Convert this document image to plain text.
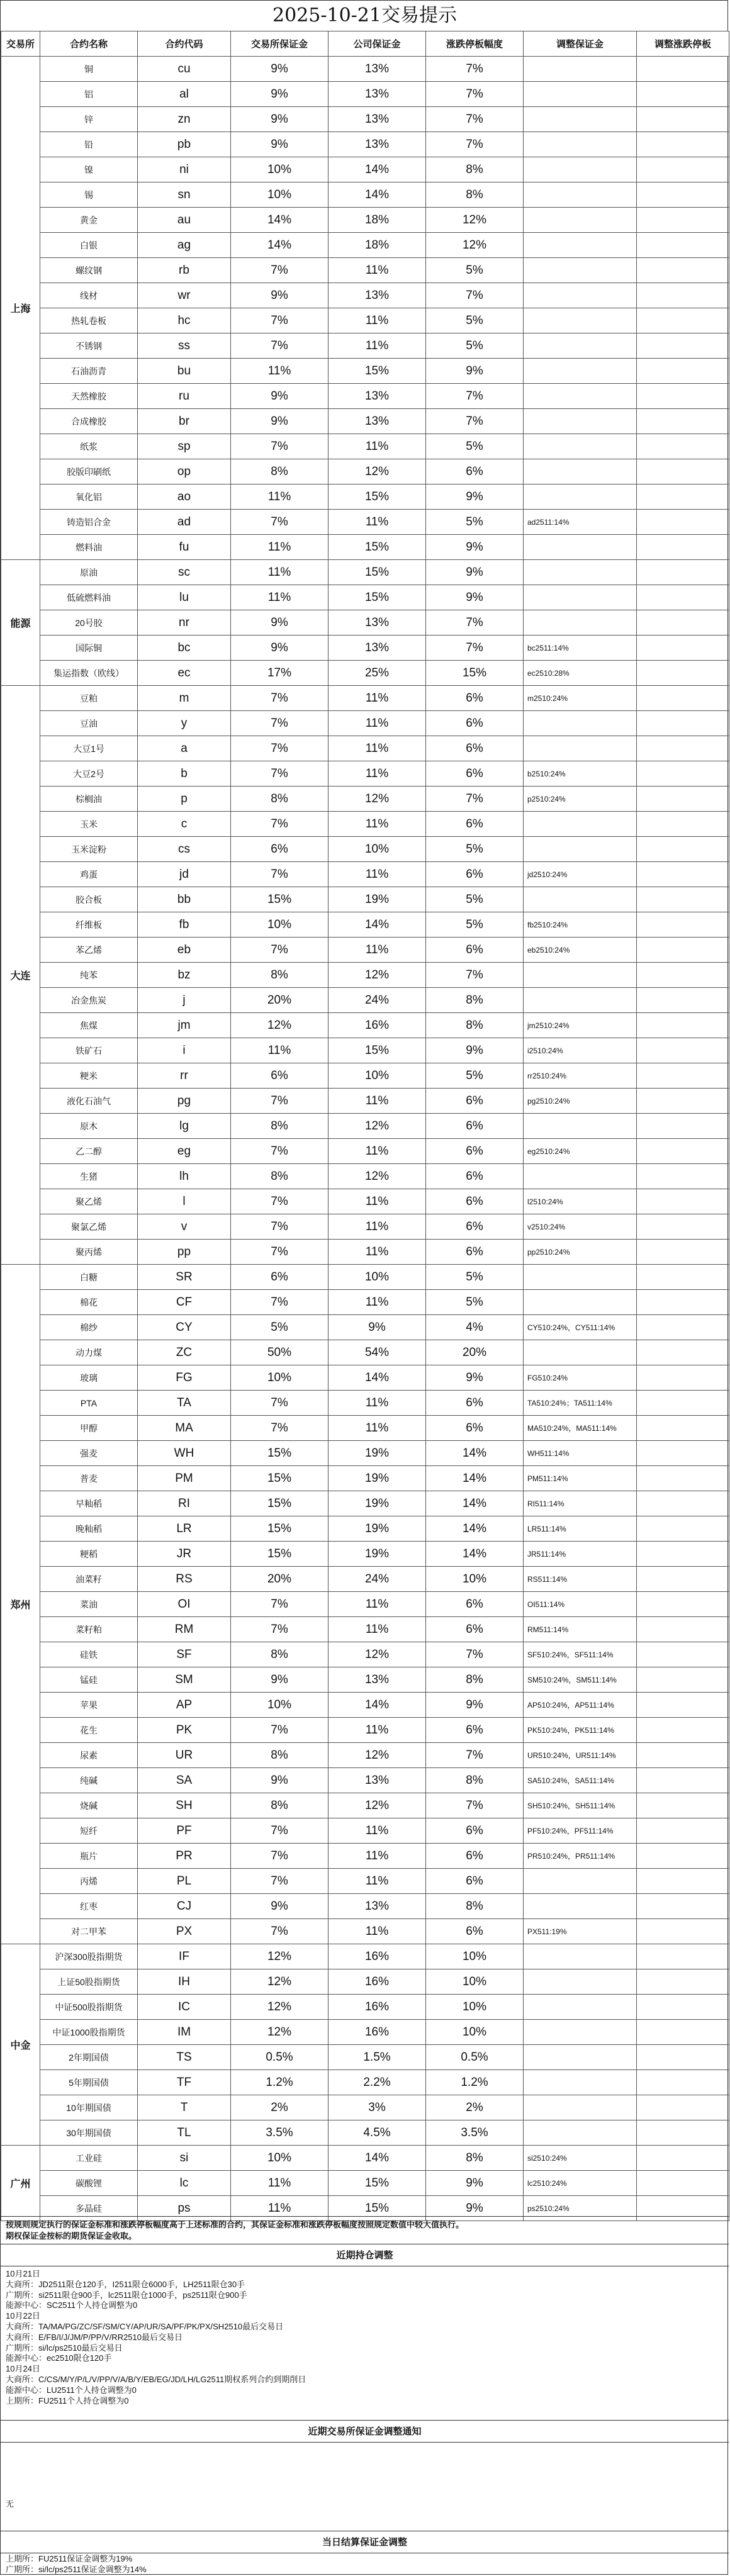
2025-10-21交易提示
交易所	合约名称	合约代码	交易所保证金	公司保证金	涨跌停板幅度	调整保证金	调整涨跌停板
上海	铜	cu	9%	13%	7%		
	铝	al	9%	13%	7%		
	锌	zn	9%	13%	7%		
	铅	pb	9%	13%	7%		
	镍	ni	10%	14%	8%		
	锡	sn	10%	14%	8%		
	黄金	au	14%	18%	12%		
	白银	ag	14%	18%	12%		
	螺纹钢	rb	7%	11%	5%		
	线材	wr	9%	13%	7%		
	热轧卷板	hc	7%	11%	5%		
	不锈钢	ss	7%	11%	5%		
	石油沥青	bu	11%	15%	9%		
	天然橡胶	ru	9%	13%	7%		
	合成橡胶	br	9%	13%	7%		
	纸浆	sp	7%	11%	5%		
	胶版印刷纸	op	8%	12%	6%		
	氧化铝	ao	11%	15%	9%		
	铸造铝合金	ad	7%	11%	5%	ad2511:14%	
	燃料油	fu	11%	15%	9%		
能源	原油	sc	11%	15%	9%		
	低硫燃料油	lu	11%	15%	9%		
	20号胶	nr	9%	13%	7%		
	国际铜	bc	9%	13%	7%	bc2511:14%	
	集运指数（欧线）	ec	17%	25%	15%	ec2510:28%	
大连	豆粕	m	7%	11%	6%	m2510:24%	
	豆油	y	7%	11%	6%		
	大豆1号	a	7%	11%	6%		
	大豆2号	b	7%	11%	6%	b2510:24%	
	棕榈油	p	8%	12%	7%	p2510:24%	
	玉米	c	7%	11%	6%		
	玉米淀粉	cs	6%	10%	5%		
	鸡蛋	jd	7%	11%	6%	jd2510:24%	
	胶合板	bb	15%	19%	5%		
	纤维板	fb	10%	14%	5%	fb2510:24%	
	苯乙烯	eb	7%	11%	6%	eb2510:24%	
	纯苯	bz	8%	12%	7%		
	冶金焦炭	j	20%	24%	8%		
	焦煤	jm	12%	16%	8%	jm2510:24%	
	铁矿石	i	11%	15%	9%	i2510:24%	
	粳米	rr	6%	10%	5%	rr2510:24%	
	液化石油气	pg	7%	11%	6%	pg2510:24%	
	原木	lg	8%	12%	6%		
	乙二醇	eg	7%	11%	6%	eg2510:24%	
	生猪	lh	8%	12%	6%		
	聚乙烯	l	7%	11%	6%	l2510:24%	
	聚氯乙烯	v	7%	11%	6%	v2510:24%	
	聚丙烯	pp	7%	11%	6%	pp2510:24%	
郑州	白糖	SR	6%	10%	5%		
	棉花	CF	7%	11%	5%		
	棉纱	CY	5%	9%	4%	CY510:24%，CY511:14%	
	动力煤	ZC	50%	54%	20%		
	玻璃	FG	10%	14%	9%	FG510:24%	
	PTA	TA	7%	11%	6%	TA510:24%；TA511:14%	
	甲醇	MA	7%	11%	6%	MA510:24%，MA511:14%	
	强麦	WH	15%	19%	14%	WH511:14%	
	普麦	PM	15%	19%	14%	PM511:14%	
	早籼稻	RI	15%	19%	14%	RI511:14%	
	晚籼稻	LR	15%	19%	14%	LR511:14%	
	粳稻	JR	15%	19%	14%	JR511:14%	
	油菜籽	RS	20%	24%	10%	RS511:14%	
	菜油	OI	7%	11%	6%	OI511:14%	
	菜籽粕	RM	7%	11%	6%	RM511:14%	
	硅铁	SF	8%	12%	7%	SF510:24%，SF511:14%	
	锰硅	SM	9%	13%	8%	SM510:24%，SM511:14%	
	苹果	AP	10%	14%	9%	AP510:24%，AP511:14%	
	花生	PK	7%	11%	6%	PK510:24%，PK511:14%	
	尿素	UR	8%	12%	7%	UR510:24%，UR511:14%	
	纯碱	SA	9%	13%	8%	SA510:24%，SA511:14%	
	烧碱	SH	8%	12%	7%	SH510:24%，SH511:14%	
	短纤	PF	7%	11%	6%	PF510:24%，PF511:14%	
	瓶片	PR	7%	11%	6%	PR510:24%，PR511:14%	
	丙烯	PL	7%	11%	6%		
	红枣	CJ	9%	13%	8%		
	对二甲苯	PX	7%	11%	6%	PX511:19%	
中金	沪深300股指期货	IF	12%	16%	10%		
	上证50股指期货	IH	12%	16%	10%		
	中证500股指期货	IC	12%	16%	10%		
	中证1000股指期货	IM	12%	16%	10%		
	2年期国债	TS	0.5%	1.5%	0.5%		
	5年期国债	TF	1.2%	2.2%	1.2%		
	10年期国债	T	2%	3%	2%		
	30年期国债	TL	3.5%	4.5%	3.5%		
广州	工业硅	si	10%	14%	8%	si2510:24%	
	碳酸锂	lc	11%	15%	9%	lc2510:24%	
	多晶硅	ps	11%	15%	9%	ps2510:24%	
按规则规定执行的保证金标准和涨跌停板幅度高于上述标准的合约，其保证金标准和涨跌停板幅度按照规定数值中较大值执行。
期权保证金按标的期货保证金收取。
近期持仓调整
10月21日
大商所：JD2511限仓120手，I2511限仓6000手，LH2511限仓30手
广期所：si2511限仓900手，lc2511限仓1000手，ps2511限仓900手
能源中心：SC2511个人持仓调整为0
10月22日
大商所：TA/MA/PG/ZC/SF/SM/CY/AP/UR/SA/PF/PK/PX/SH2510最后交易日
大商所：E/FB/I/J/JM/P/PP/V/RR2510最后交易日
广期所：si/lc/ps2510最后交易日
能源中心：ec2510限仓120手
10月24日
大商所：C/CS/M/Y/P/L/V/PP/V/A/B/Y/EB/EG/JD/LH/LG2511期权系列合约到期削日
能源中心：LU2511个人持仓调整为0
上期所：FU2511个人持仓调整为0
近期交易所保证金调整通知
无
当日结算保证金调整
上期所：FU2511保证金调整为19%
广期所：si/lc/ps2511保证金调整为14%
